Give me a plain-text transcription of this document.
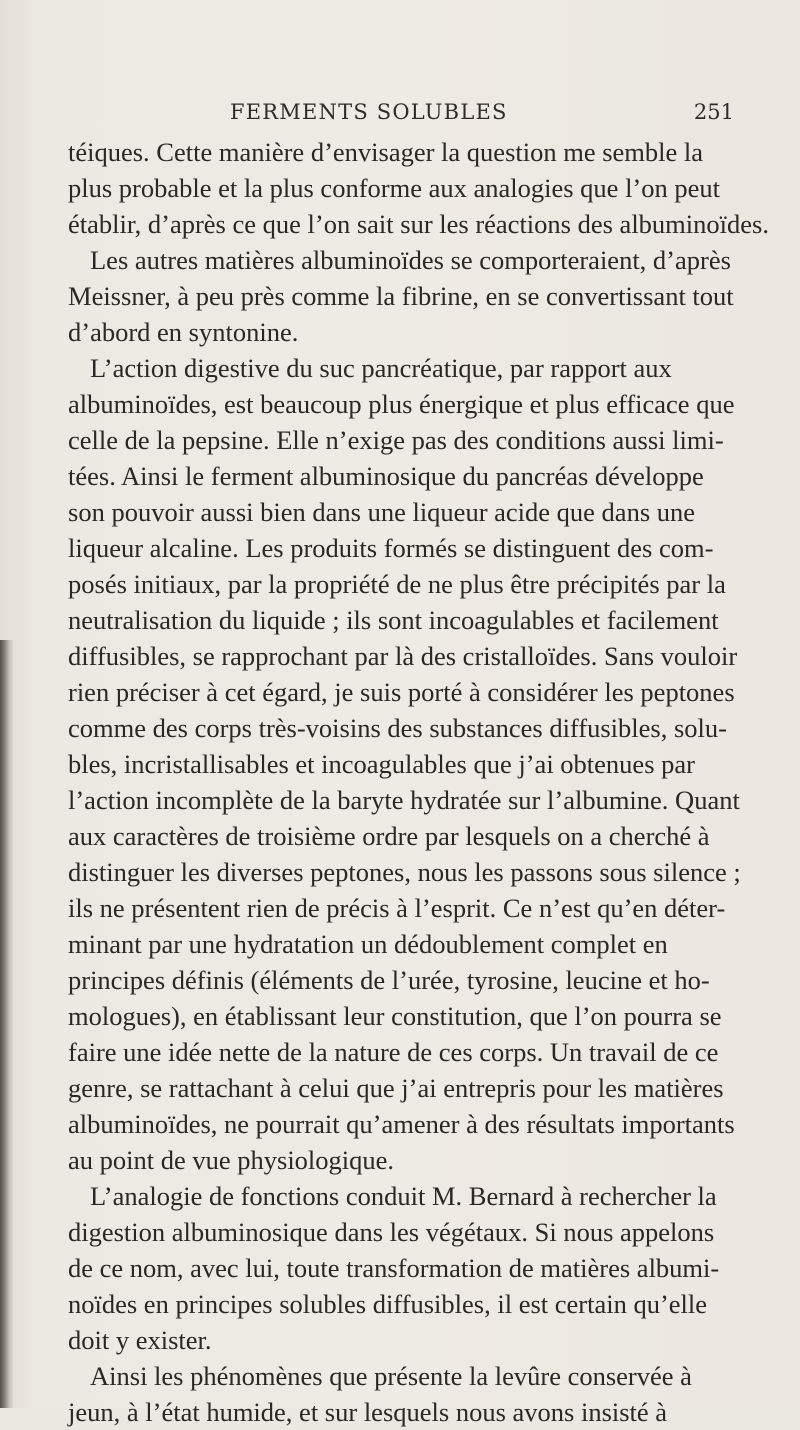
FERMENTS SOLUBLES	251
téiques. Cette manière d’envisager la question me semble la
plus probable et la plus conforme aux analogies que l’on peut
établir, d’après ce que l’on sait sur les réactions des albuminoïdes.
Les autres matières albuminoïdes se comporteraient, d’après
Meissner, à peu près comme la fibrine, en se convertissant tout
d’abord en syntonine.
L’action digestive du suc pancréatique, par rapport aux
albuminoïdes, est beaucoup plus énergique et plus efficace que
celle de la pepsine. Elle n’exige pas des conditions aussi limi-
tées. Ainsi le ferment albuminosique du pancréas développe
son pouvoir aussi bien dans une liqueur acide que dans une
liqueur alcaline. Les produits formés se distinguent des com-
posés initiaux, par la propriété de ne plus être précipités par la
neutralisation du liquide ; ils sont incoagulables et facilement
diffusibles, se rapprochant par là des cristalloïdes. Sans vouloir
rien préciser à cet égard, je suis porté à considérer les peptones
comme des corps très-voisins des substances diffusibles, solu-
bles, incristallisables et incoagulables que j’ai obtenues par
l’action incomplète de la baryte hydratée sur l’albumine. Quant
aux caractères de troisième ordre par lesquels on a cherché à
distinguer les diverses peptones, nous les passons sous silence ;
ils ne présentent rien de précis à l’esprit. Ce n’est qu’en déter-
minant par une hydratation un dédoublement complet en
principes définis (éléments de l’urée, tyrosine, leucine et ho-
mologues), en établissant leur constitution, que l’on pourra se
faire une idée nette de la nature de ces corps. Un travail de ce
genre, se rattachant à celui que j’ai entrepris pour les matières
albuminoïdes, ne pourrait qu’amener à des résultats importants
au point de vue physiologique.
L’analogie de fonctions conduit M. Bernard à rechercher la
digestion albuminosique dans les végétaux. Si nous appelons
de ce nom, avec lui, toute transformation de matières albumi-
noïdes en principes solubles diffusibles, il est certain qu’elle
doit y exister.
Ainsi les phénomènes que présente la levûre conservée à
jeun, à l’état humide, et sur lesquels nous avons insisté à
